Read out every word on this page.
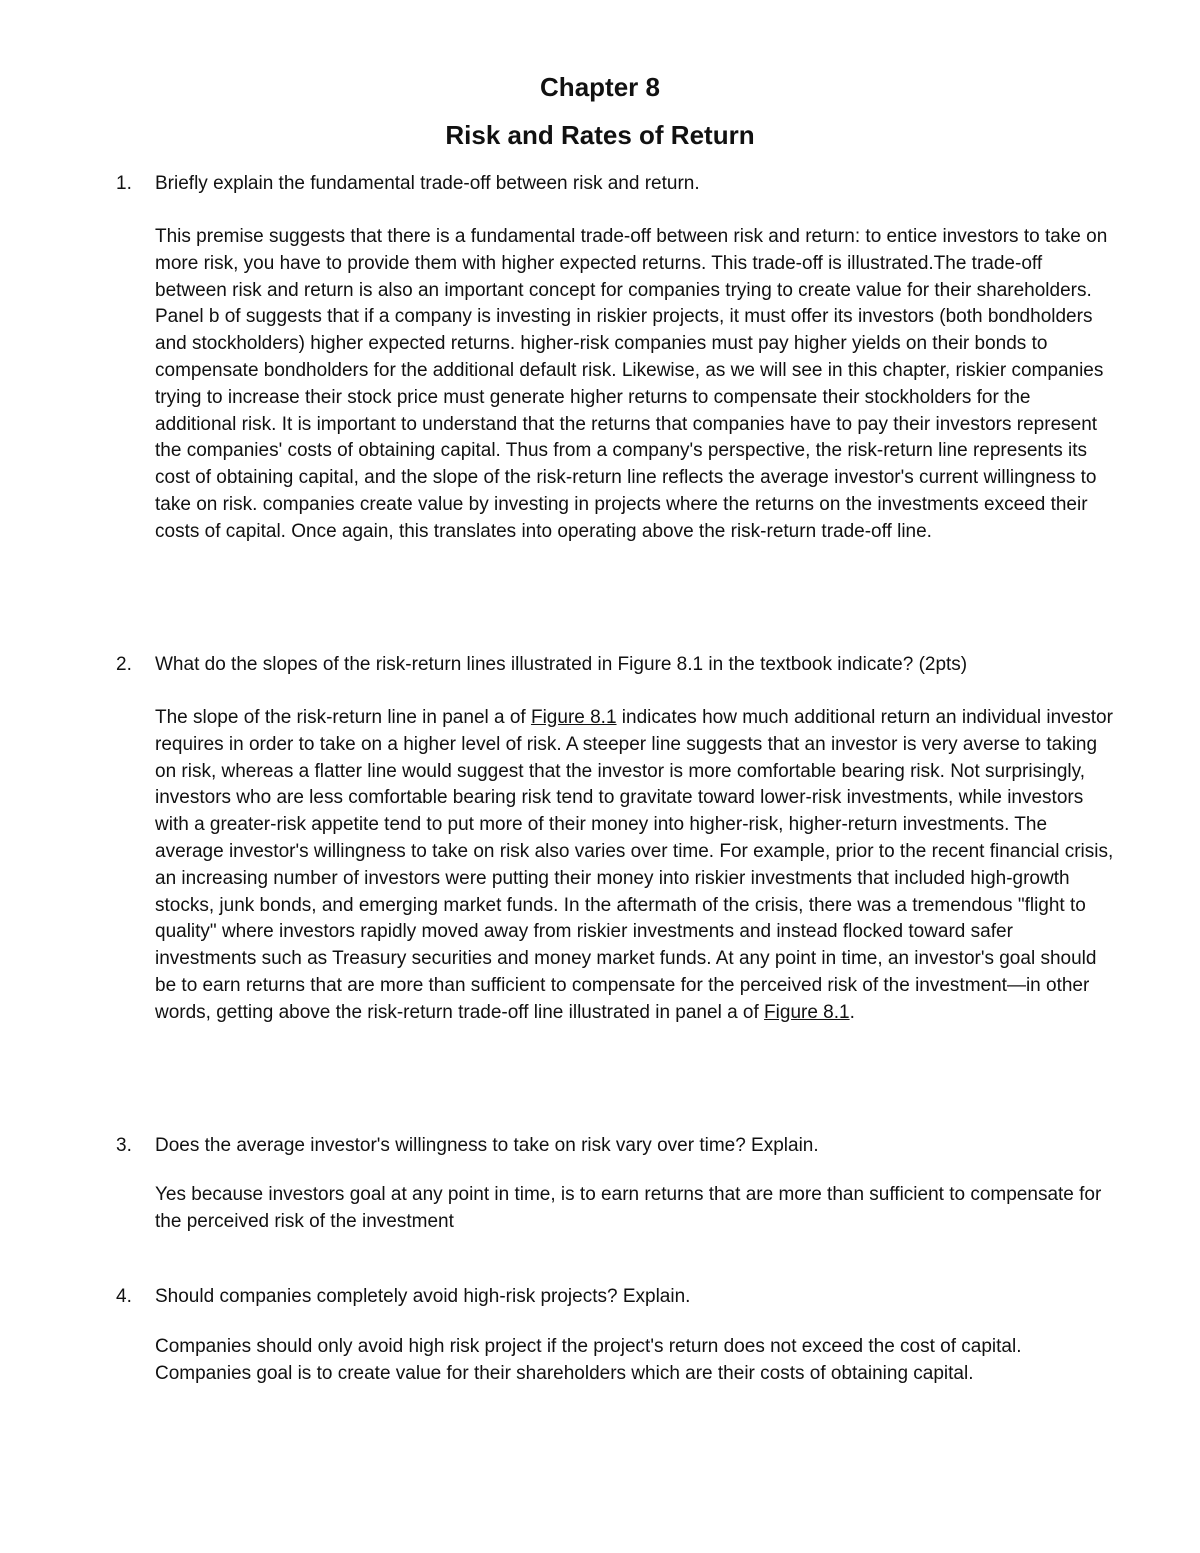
Chapter 8
Risk and Rates of Return
1. Briefly explain the fundamental trade-off between risk and return.

This premise suggests that there is a fundamental trade-off between risk and return: to entice investors to take on more risk, you have to provide them with higher expected returns. This trade-off is illustrated.The trade-off between risk and return is also an important concept for companies trying to create value for their shareholders. Panel b of suggests that if a company is investing in riskier projects, it must offer its investors (both bondholders and stockholders) higher expected returns. higher-risk companies must pay higher yields on their bonds to compensate bondholders for the additional default risk. Likewise, as we will see in this chapter, riskier companies trying to increase their stock price must generate higher returns to compensate their stockholders for the additional risk. It is important to understand that the returns that companies have to pay their investors represent the companies' costs of obtaining capital. Thus from a company's perspective, the risk-return line represents its cost of obtaining capital, and the slope of the risk-return line reflects the average investor's current willingness to take on risk. companies create value by investing in projects where the returns on the investments exceed their costs of capital. Once again, this translates into operating above the risk-return trade-off line.

2. What do the slopes of the risk-return lines illustrated in Figure 8.1 in the textbook indicate? (2pts)

The slope of the risk-return line in panel a of Figure 8.1 indicates how much additional return an individual investor requires in order to take on a higher level of risk. A steeper line suggests that an investor is very averse to taking on risk, whereas a flatter line would suggest that the investor is more comfortable bearing risk. Not surprisingly, investors who are less comfortable bearing risk tend to gravitate toward lower-risk investments, while investors with a greater-risk appetite tend to put more of their money into higher-risk, higher-return investments. The average investor's willingness to take on risk also varies over time. For example, prior to the recent financial crisis, an increasing number of investors were putting their money into riskier investments that included high-growth stocks, junk bonds, and emerging market funds. In the aftermath of the crisis, there was a tremendous "flight to quality" where investors rapidly moved away from riskier investments and instead flocked toward safer investments such as Treasury securities and money market funds. At any point in time, an investor's goal should be to earn returns that are more than sufficient to compensate for the perceived risk of the investment—in other words, getting above the risk-return trade-off line illustrated in panel a of Figure 8.1.

3. Does the average investor's willingness to take on risk vary over time? Explain.

Yes because investors goal at any point in time, is to earn returns that are more than sufficient to compensate for the perceived risk of the investment

4. Should companies completely avoid high-risk projects? Explain.

Companies should only avoid high risk project if the project's return does not exceed the cost of capital. Companies goal is to create value for their shareholders which are their costs of obtaining capital.
